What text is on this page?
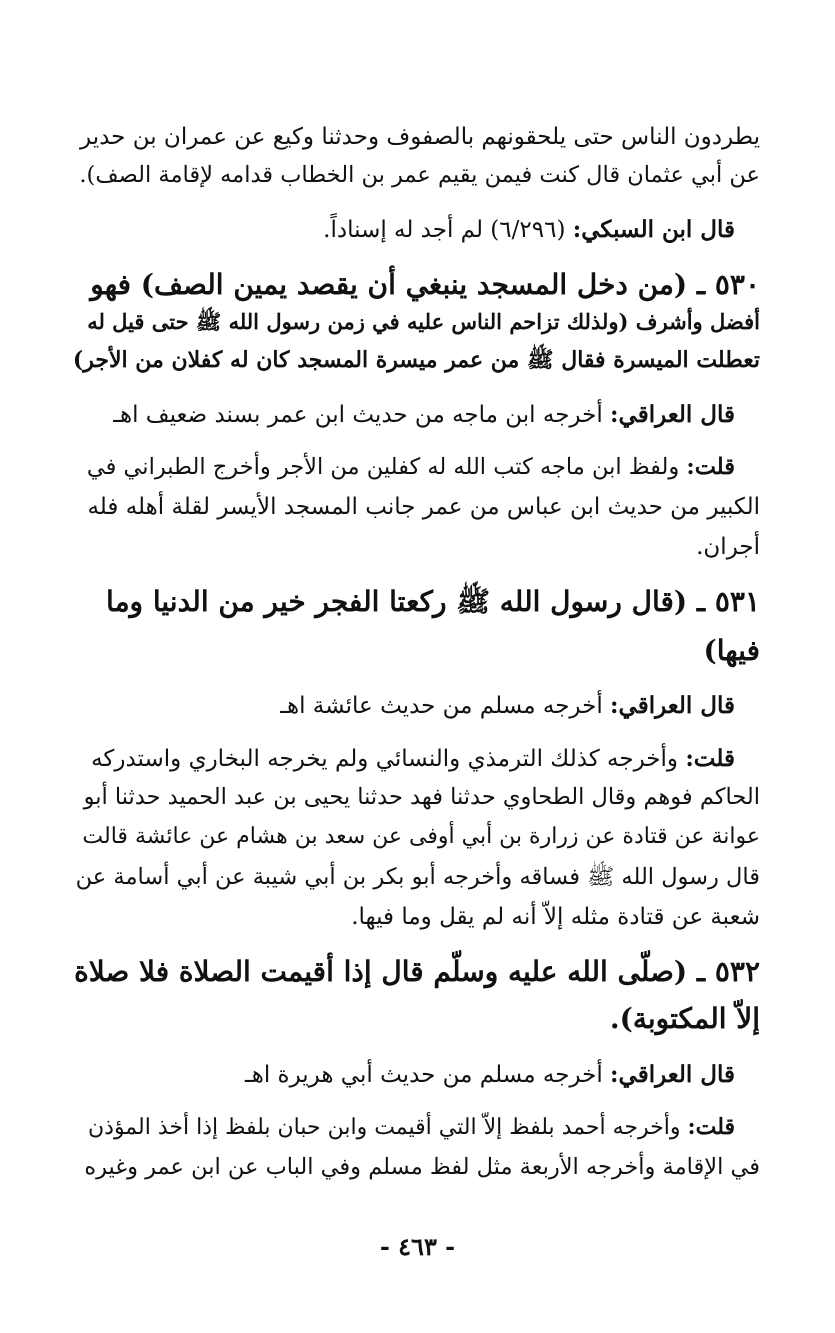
يطردون الناس حتى يلحقونهم بالصفوف وحدثنا وكيع عن عمران بن حدير
عن أبي عثمان قال كنت فيمن يقيم عمر بن الخطاب قدامه لإقامة الصف).
قال ابن السبكي: (٦/٢٩٦) لم أجد له إسناداً.
٥٣٠ ـ (من دخل المسجد ينبغي أن يقصد يمين الصف) فهو
أفضل وأشرف (ولذلك تزاحم الناس عليه في زمن رسول الله ﷺ حتى قيل له
تعطلت الميسرة فقال ﷺ من عمر ميسرة المسجد كان له كفلان من الأجر)
قال العراقي: أخرجه ابن ماجه من حديث ابن عمر بسند ضعيف اهـ
قلت: ولفظ ابن ماجه كتب الله له كفلين من الأجر وأخرج الطبراني في
الكبير من حديث ابن عباس من عمر جانب المسجد الأيسر لقلة أهله فله
أجران.
٥٣١ ـ (قال رسول الله ﷺ ركعتا الفجر خير من الدنيا وما
فيها)
قال العراقي: أخرجه مسلم من حديث عائشة اهـ
قلت: وأخرجه كذلك الترمذي والنسائي ولم يخرجه البخاري واستدركه
الحاكم فوهم وقال الطحاوي حدثنا فهد حدثنا يحيى بن عبد الحميد حدثنا أبو
عوانة عن قتادة عن زرارة بن أبي أوفى عن سعد بن هشام عن عائشة قالت
قال رسول الله ﷺ فساقه وأخرجه أبو بكر بن أبي شيبة عن أبي أسامة عن
شعبة عن قتادة مثله إلاّ أنه لم يقل وما فيها.
٥٣٢ ـ (صلّى الله عليه وسلّم قال إذا أقيمت الصلاة فلا صلاة
إلاّ المكتوبة).
قال العراقي: أخرجه مسلم من حديث أبي هريرة اهـ
قلت: وأخرجه أحمد بلفظ إلاّ التي أقيمت وابن حبان بلفظ إذا أخذ المؤذن
في الإقامة وأخرجه الأربعة مثل لفظ مسلم وفي الباب عن ابن عمر وغيره
- ٤٦٣ -
